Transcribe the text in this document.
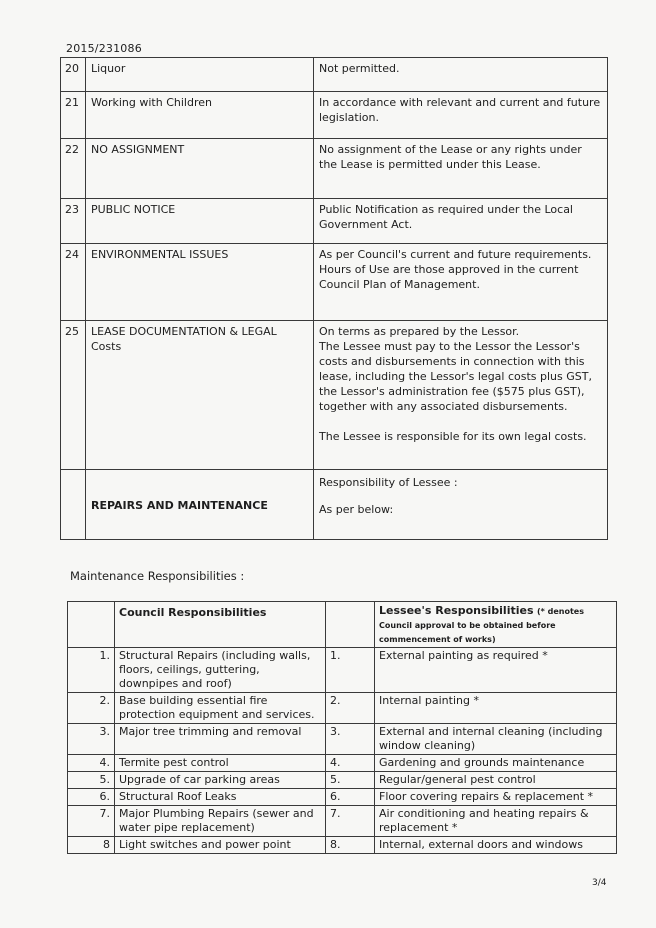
2015/231086
20	Liquor	Not permitted.
21	Working with Children	In accordance with relevant and current and future legislation.
22	NO ASSIGNMENT	No assignment of the Lease or any rights under the Lease is permitted under this Lease.
23	PUBLIC NOTICE	Public Notification as required under the Local Government Act.
24	ENVIRONMENTAL ISSUES	As per Council's current and future requirements. Hours of Use are those approved in the current Council Plan of Management.
25	LEASE DOCUMENTATION & LEGAL Costs	On terms as prepared by the Lessor.
The Lessee must pay to the Lessor the Lessor's costs and disbursements in connection with this lease, including the Lessor's legal costs plus GST, the Lessor's administration fee ($575 plus GST), together with any associated disbursements.

The Lessee is responsible for its own legal costs.
	REPAIRS AND MAINTENANCE	Responsibility of Lessee :
As per below:
Maintenance Responsibilities :
	Council Responsibilities		Lessee's Responsibilities (* denotes Council approval to be obtained before commencement of works)
1.	Structural Repairs (including walls, floors, ceilings, guttering, downpipes and roof)	1.	External painting as required *
2.	Base building essential fire protection equipment and services.	2.	Internal painting *
3.	Major tree trimming and removal	3.	External and internal cleaning (including window cleaning)
4.	Termite pest control	4.	Gardening and grounds maintenance
5.	Upgrade of car parking areas	5.	Regular/general pest control
6.	Structural Roof Leaks	6.	Floor covering repairs & replacement *
7.	Major Plumbing Repairs (sewer and water pipe replacement)	7.	Air conditioning and heating repairs & replacement *
8	Light switches and power point	8.	Internal, external doors and windows
3/4
